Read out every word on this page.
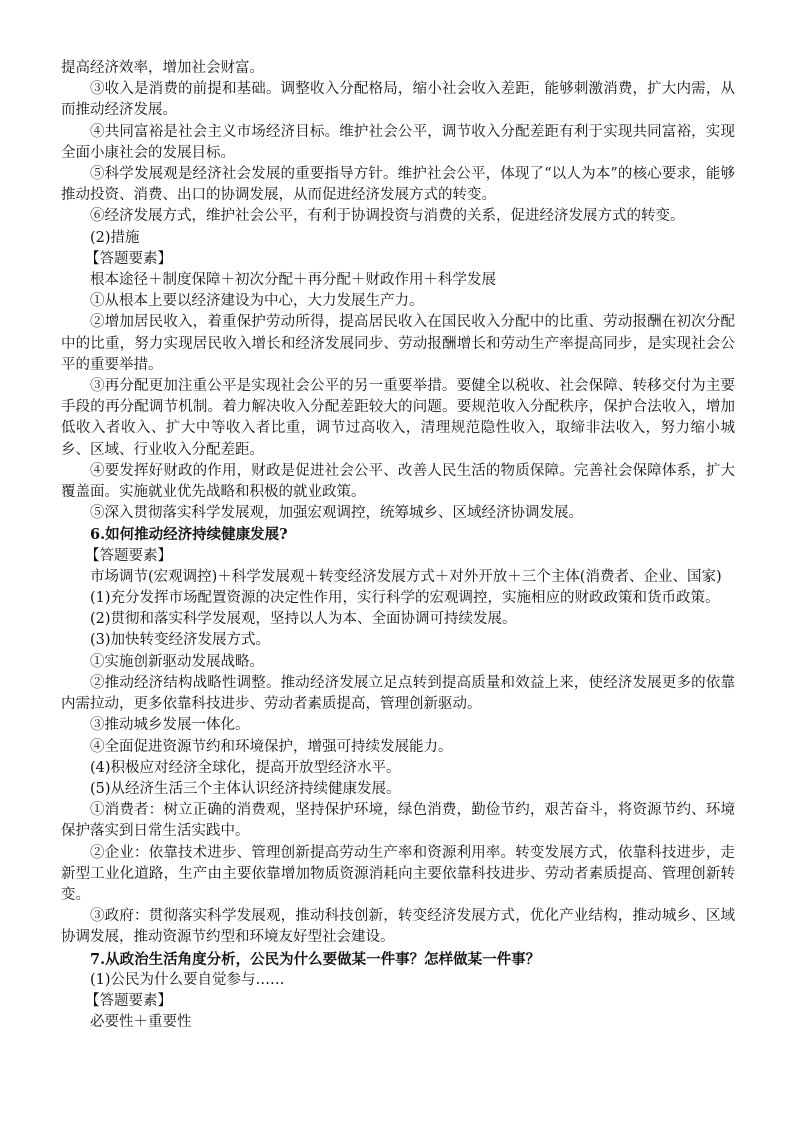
提高经济效率，增加社会财富。

③收入是消费的前提和基础。调整收入分配格局，缩小社会收入差距，能够刺激消费，扩大内需，从而推动经济发展。

④共同富裕是社会主义市场经济目标。维护社会公平，调节收入分配差距有利于实现共同富裕，实现全面小康社会的发展目标。

⑤科学发展观是经济社会发展的重要指导方针。维护社会公平，体现了“以人为本”的核心要求，能够推动投资、消费、出口的协调发展，从而促进经济发展方式的转变。

⑥经济发展方式，维护社会公平，有利于协调投资与消费的关系，促进经济发展方式的转变。

(2)措施

【答题要素】

根本途径＋制度保障＋初次分配＋再分配＋财政作用＋科学发展

①从根本上要以经济建设为中心，大力发展生产力。

②增加居民收入，着重保护劳动所得，提高居民收入在国民收入分配中的比重、劳动报酬在初次分配中的比重，努力实现居民收入增长和经济发展同步、劳动报酬增长和劳动生产率提高同步，是实现社会公平的重要举措。

③再分配更加注重公平是实现社会公平的另一重要举措。要健全以税收、社会保障、转移交付为主要手段的再分配调节机制。着力解决收入分配差距较大的问题。要规范收入分配秩序，保护合法收入，增加低收入者收入、扩大中等收入者比重，调节过高收入，清理规范隐性收入，取缔非法收入，努力缩小城乡、区域、行业收入分配差距。

④要发挥好财政的作用，财政是促进社会公平、改善人民生活的物质保障。完善社会保障体系，扩大覆盖面。实施就业优先战略和积极的就业政策。

⑤深入贯彻落实科学发展观，加强宏观调控，统筹城乡、区域经济协调发展。

6.如何推动经济持续健康发展?

【答题要素】

市场调节(宏观调控)＋科学发展观＋转变经济发展方式＋对外开放＋三个主体(消费者、企业、国家)

(1)充分发挥市场配置资源的决定性作用，实行科学的宏观调控，实施相应的财政政策和货币政策。

(2)贯彻和落实科学发展观，坚持以人为本、全面协调可持续发展。

(3)加快转变经济发展方式。

①实施创新驱动发展战略。

②推动经济结构战略性调整。推动经济发展立足点转到提高质量和效益上来，使经济发展更多的依靠内需拉动，更多依靠科技进步、劳动者素质提高，管理创新驱动。

③推动城乡发展一体化。

④全面促进资源节约和环境保护，增强可持续发展能力。

(4)积极应对经济全球化，提高开放型经济水平。

(5)从经济生活三个主体认识经济持续健康发展。

①消费者：树立正确的消费观，坚持保护环境，绿色消费，勤俭节约，艰苦奋斗，将资源节约、环境保护落实到日常生活实践中。

②企业：依靠技术进步、管理创新提高劳动生产率和资源利用率。转变发展方式，依靠科技进步，走新型工业化道路，生产由主要依靠增加物质资源消耗向主要依靠科技进步、劳动者素质提高、管理创新转变。

③政府：贯彻落实科学发展观，推动科技创新，转变经济发展方式，优化产业结构，推动城乡、区域协调发展，推动资源节约型和环境友好型社会建设。

7.从政治生活角度分析，公民为什么要做某一件事？怎样做某一件事？

(1)公民为什么要自觉参与……

【答题要素】

必要性＋重要性
